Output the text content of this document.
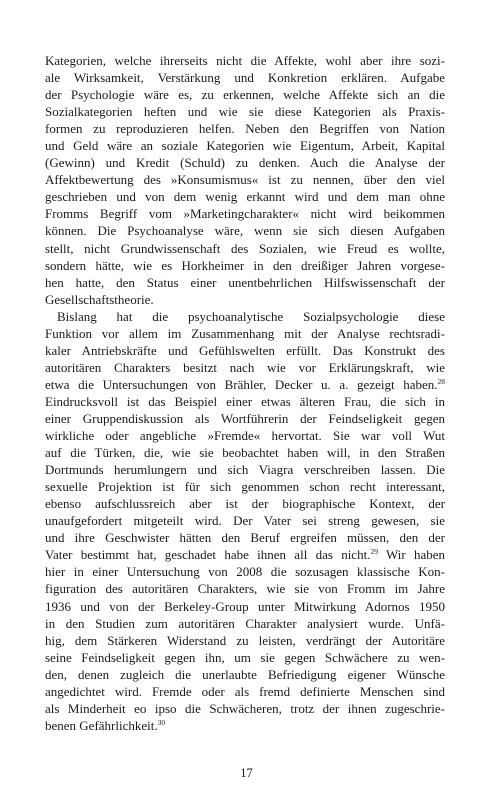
Kategorien, welche ihrerseits nicht die Affekte, wohl aber ihre sozi-
ale Wirksamkeit, Verstärkung und Konkretion erklären. Aufgabe
der Psychologie wäre es, zu erkennen, welche Affekte sich an die
Sozialkategorien heften und wie sie diese Kategorien als Praxis-
formen zu reproduzieren helfen. Neben den Begriffen von Nation
und Geld wäre an soziale Kategorien wie Eigentum, Arbeit, Kapital
(Gewinn) und Kredit (Schuld) zu denken. Auch die Analyse der
Affektbewertung des »Konsumismus« ist zu nennen, über den viel
geschrieben und von dem wenig erkannt wird und dem man ohne
Fromms Begriff vom »Marketingcharakter« nicht wird beikommen
können. Die Psychoanalyse wäre, wenn sie sich diesen Aufgaben
stellt, nicht Grundwissenschaft des Sozialen, wie Freud es wollte,
sondern hätte, wie es Horkheimer in den dreißiger Jahren vorgese-
hen hatte, den Status einer unentbehrlichen Hilfswissenschaft der
Gesellschaftstheorie.
Bislang hat die psychoanalytische Sozialpsychologie diese
Funktion vor allem im Zusammenhang mit der Analyse rechtsradi-
kaler Antriebskräfte und Gefühlswelten erfüllt. Das Konstrukt des
autoritären Charakters besitzt nach wie vor Erklärungskraft, wie
etwa die Untersuchungen von Brähler, Decker u. a. gezeigt haben.$^{28}$
Eindrucksvoll ist das Beispiel einer etwas älteren Frau, die sich in
einer Gruppendiskussion als Wortführerin der Feindseligkeit gegen
wirkliche oder angebliche »Fremde« hervortat. Sie war voll Wut
auf die Türken, die, wie sie beobachtet haben will, in den Straßen
Dortmunds herumlungern und sich Viagra verschreiben lassen. Die
sexuelle Projektion ist für sich genommen schon recht interessant,
ebenso aufschlussreich aber ist der biographische Kontext, der
unaufgefordert mitgeteilt wird. Der Vater sei streng gewesen, sie
und ihre Geschwister hätten den Beruf ergreifen müssen, den der
Vater bestimmt hat, geschadet habe ihnen all das nicht.$^{29}$ Wir haben
hier in einer Untersuchung von 2008 die sozusagen klassische Kon-
figuration des autoritären Charakters, wie sie von Fromm im Jahre
1936 und von der Berkeley-Group unter Mitwirkung Adornos 1950
in den Studien zum autoritären Charakter analysiert wurde. Unfä-
hig, dem Stärkeren Widerstand zu leisten, verdrängt der Autoritäre
seine Feindseligkeit gegen ihn, um sie gegen Schwächere zu wen-
den, denen zugleich die unerlaubte Befriedigung eigener Wünsche
angedichtet wird. Fremde oder als fremd definierte Menschen sind
als Minderheit eo ipso die Schwächeren, trotz der ihnen zugeschrie-
benen Gefährlichkeit.$^{30}$
17
